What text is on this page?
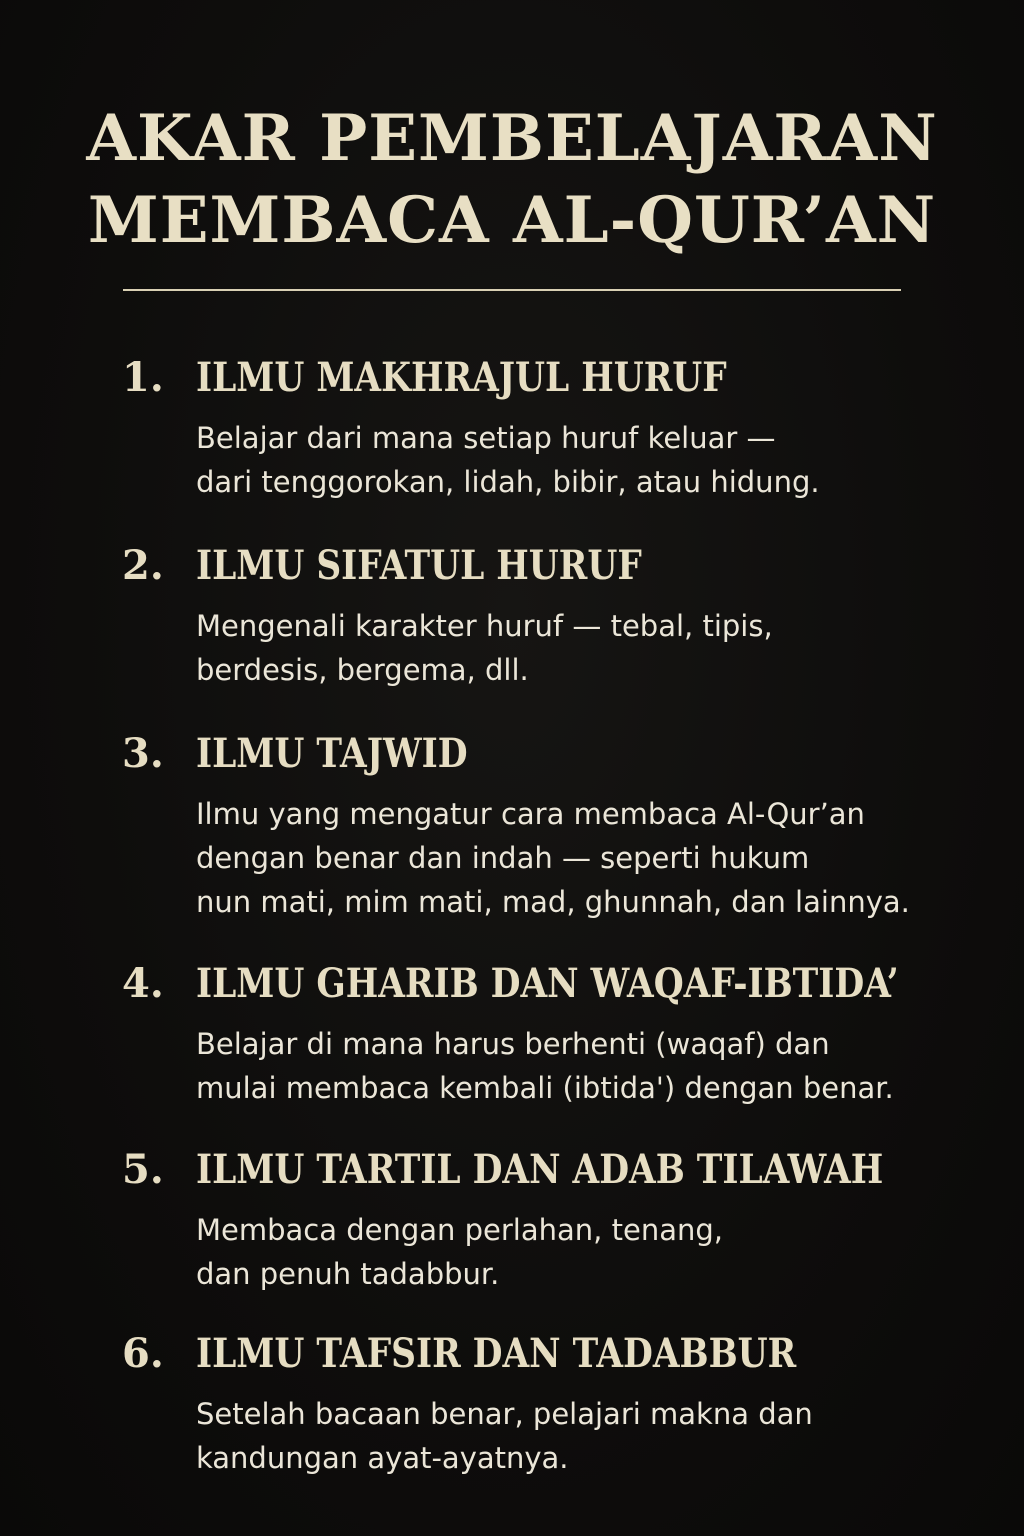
AKAR PEMBELAJARAN
MEMBACA AL-QUR’AN
1. ILMU MAKHRAJUL HURUF
Belajar dari mana setiap huruf keluar —
dari tenggorokan, lidah, bibir, atau hidung.
2. ILMU SIFATUL HURUF
Mengenali karakter huruf — tebal, tipis,
berdesis, bergema, dll.
3. ILMU TAJWID
Ilmu yang mengatur cara membaca Al-Qur’an
dengan benar dan indah — seperti hukum
nun mati, mim mati, mad, ghunnah, dan lainnya.
4. ILMU GHARIB DAN WAQAF-IBTIDA’
Belajar di mana harus berhenti (waqaf) dan
mulai membaca kembali (ibtida') dengan benar.
5. ILMU TARTIL DAN ADAB TILAWAH
Membaca dengan perlahan, tenang,
dan penuh tadabbur.
6. ILMU TAFSIR DAN TADABBUR
Setelah bacaan benar, pelajari makna dan
kandungan ayat-ayatnya.
